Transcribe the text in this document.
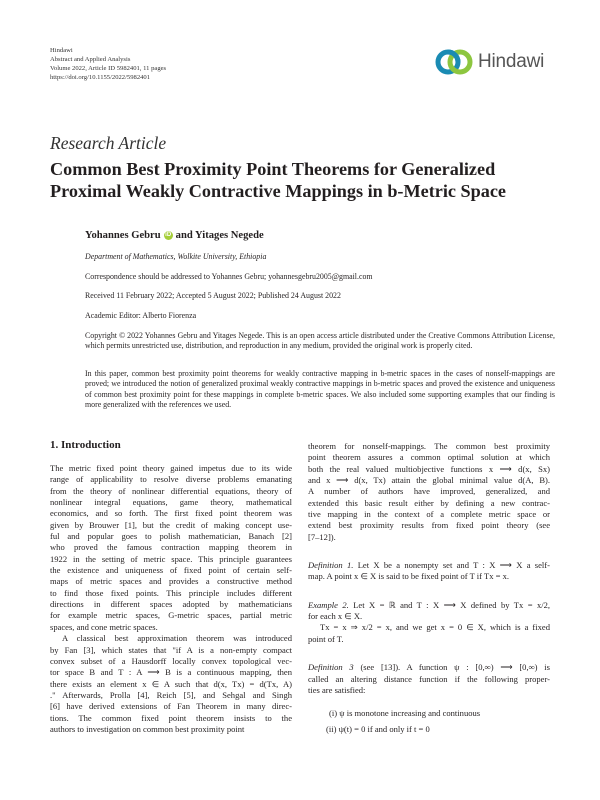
Hindawi
Abstract and Applied Analysis
Volume 2022, Article ID 5982401, 11 pages
https://doi.org/10.1155/2022/5982401
Hindawi
Research Article
Common Best Proximity Point Theorems for Generalized
Proximal Weakly Contractive Mappings in b-Metric Space
Yohannes Gebru iD and Yitages Negede
Department of Mathematics, Wolkite University, Ethiopia
Correspondence should be addressed to Yohannes Gebru; yohannesgebru2005@gmail.com
Received 11 February 2022; Accepted 5 August 2022; Published 24 August 2022
Academic Editor: Alberto Fiorenza
Copyright © 2022 Yohannes Gebru and Yitages Negede. This is an open access article distributed under the Creative Commons Attribution License, which permits unrestricted use, distribution, and reproduction in any medium, provided the original work is properly cited.
In this paper, common best proximity point theorems for weakly contractive mapping in b-metric spaces in the cases of nonself-mappings are proved; we introduced the notion of generalized proximal weakly contractive mappings in b-metric spaces and proved the existence and uniqueness of common best proximity point for these mappings in complete b-metric spaces. We also included some supporting examples that our finding is more generalized with the references we used.
1. Introduction
The metric fixed point theory gained impetus due to its wide
range of applicability to resolve diverse problems emanating
from the theory of nonlinear differential equations, theory of
nonlinear integral equations, game theory, mathematical
economics, and so forth. The first fixed point theorem was
given by Brouwer [1], but the credit of making concept use-
ful and popular goes to polish mathematician, Banach [2]
who proved the famous contraction mapping theorem in
1922 in the setting of metric space. This principle guarantees
the existence and uniqueness of fixed point of certain self-
maps of metric spaces and provides a constructive method
to find those fixed points. This principle includes different
directions in different spaces adopted by mathematicians
for example metric spaces, G-metric spaces, partial metric
spaces, and cone metric spaces.
A classical best approximation theorem was introduced
by Fan [3], which states that "if A is a non-empty compact
convex subset of a Hausdorff locally convex topological vec-
tor space B and T : A ⟶ B is a continuous mapping, then
there exists an element x ∈ A such that d(x, Tx) = d(Tx, A)
." Afterwards, Prolla [4], Reich [5], and Sehgal and Singh
[6] have derived extensions of Fan Theorem in many direc-
tions. The common fixed point theorem insists to the
authors to investigation on common best proximity point
theorem for nonself-mappings. The common best proximity
point theorem assures a common optimal solution at which
both the real valued multiobjective functions x ⟶ d(x, Sx)
and x ⟶ d(x, Tx) attain the global minimal value d(A, B).
A number of authors have improved, generalized, and
extended this basic result either by defining a new contrac-
tive mapping in the context of a complete metric space or
extend best proximity results from fixed point theory (see
[7–12]).
Definition 1. Let X be a nonempty set and T : X ⟶ X a self-
map. A point x ∈ X is said to be fixed point of T if Tx = x.
Example 2. Let X = ℝ and T : X ⟶ X defined by Tx = x/2,
for each x ∈ X.
Tx = x ⇒ x/2 = x, and we get x = 0 ∈ X, which is a fixed
point of T.
Definition 3 (see [13]). A function ψ : [0,∞) ⟶ [0,∞) is
called an altering distance function if the following proper-
ties are satisfied:
(i) ψ is monotone increasing and continuous
(ii) ψ(t) = 0 if and only if t = 0
